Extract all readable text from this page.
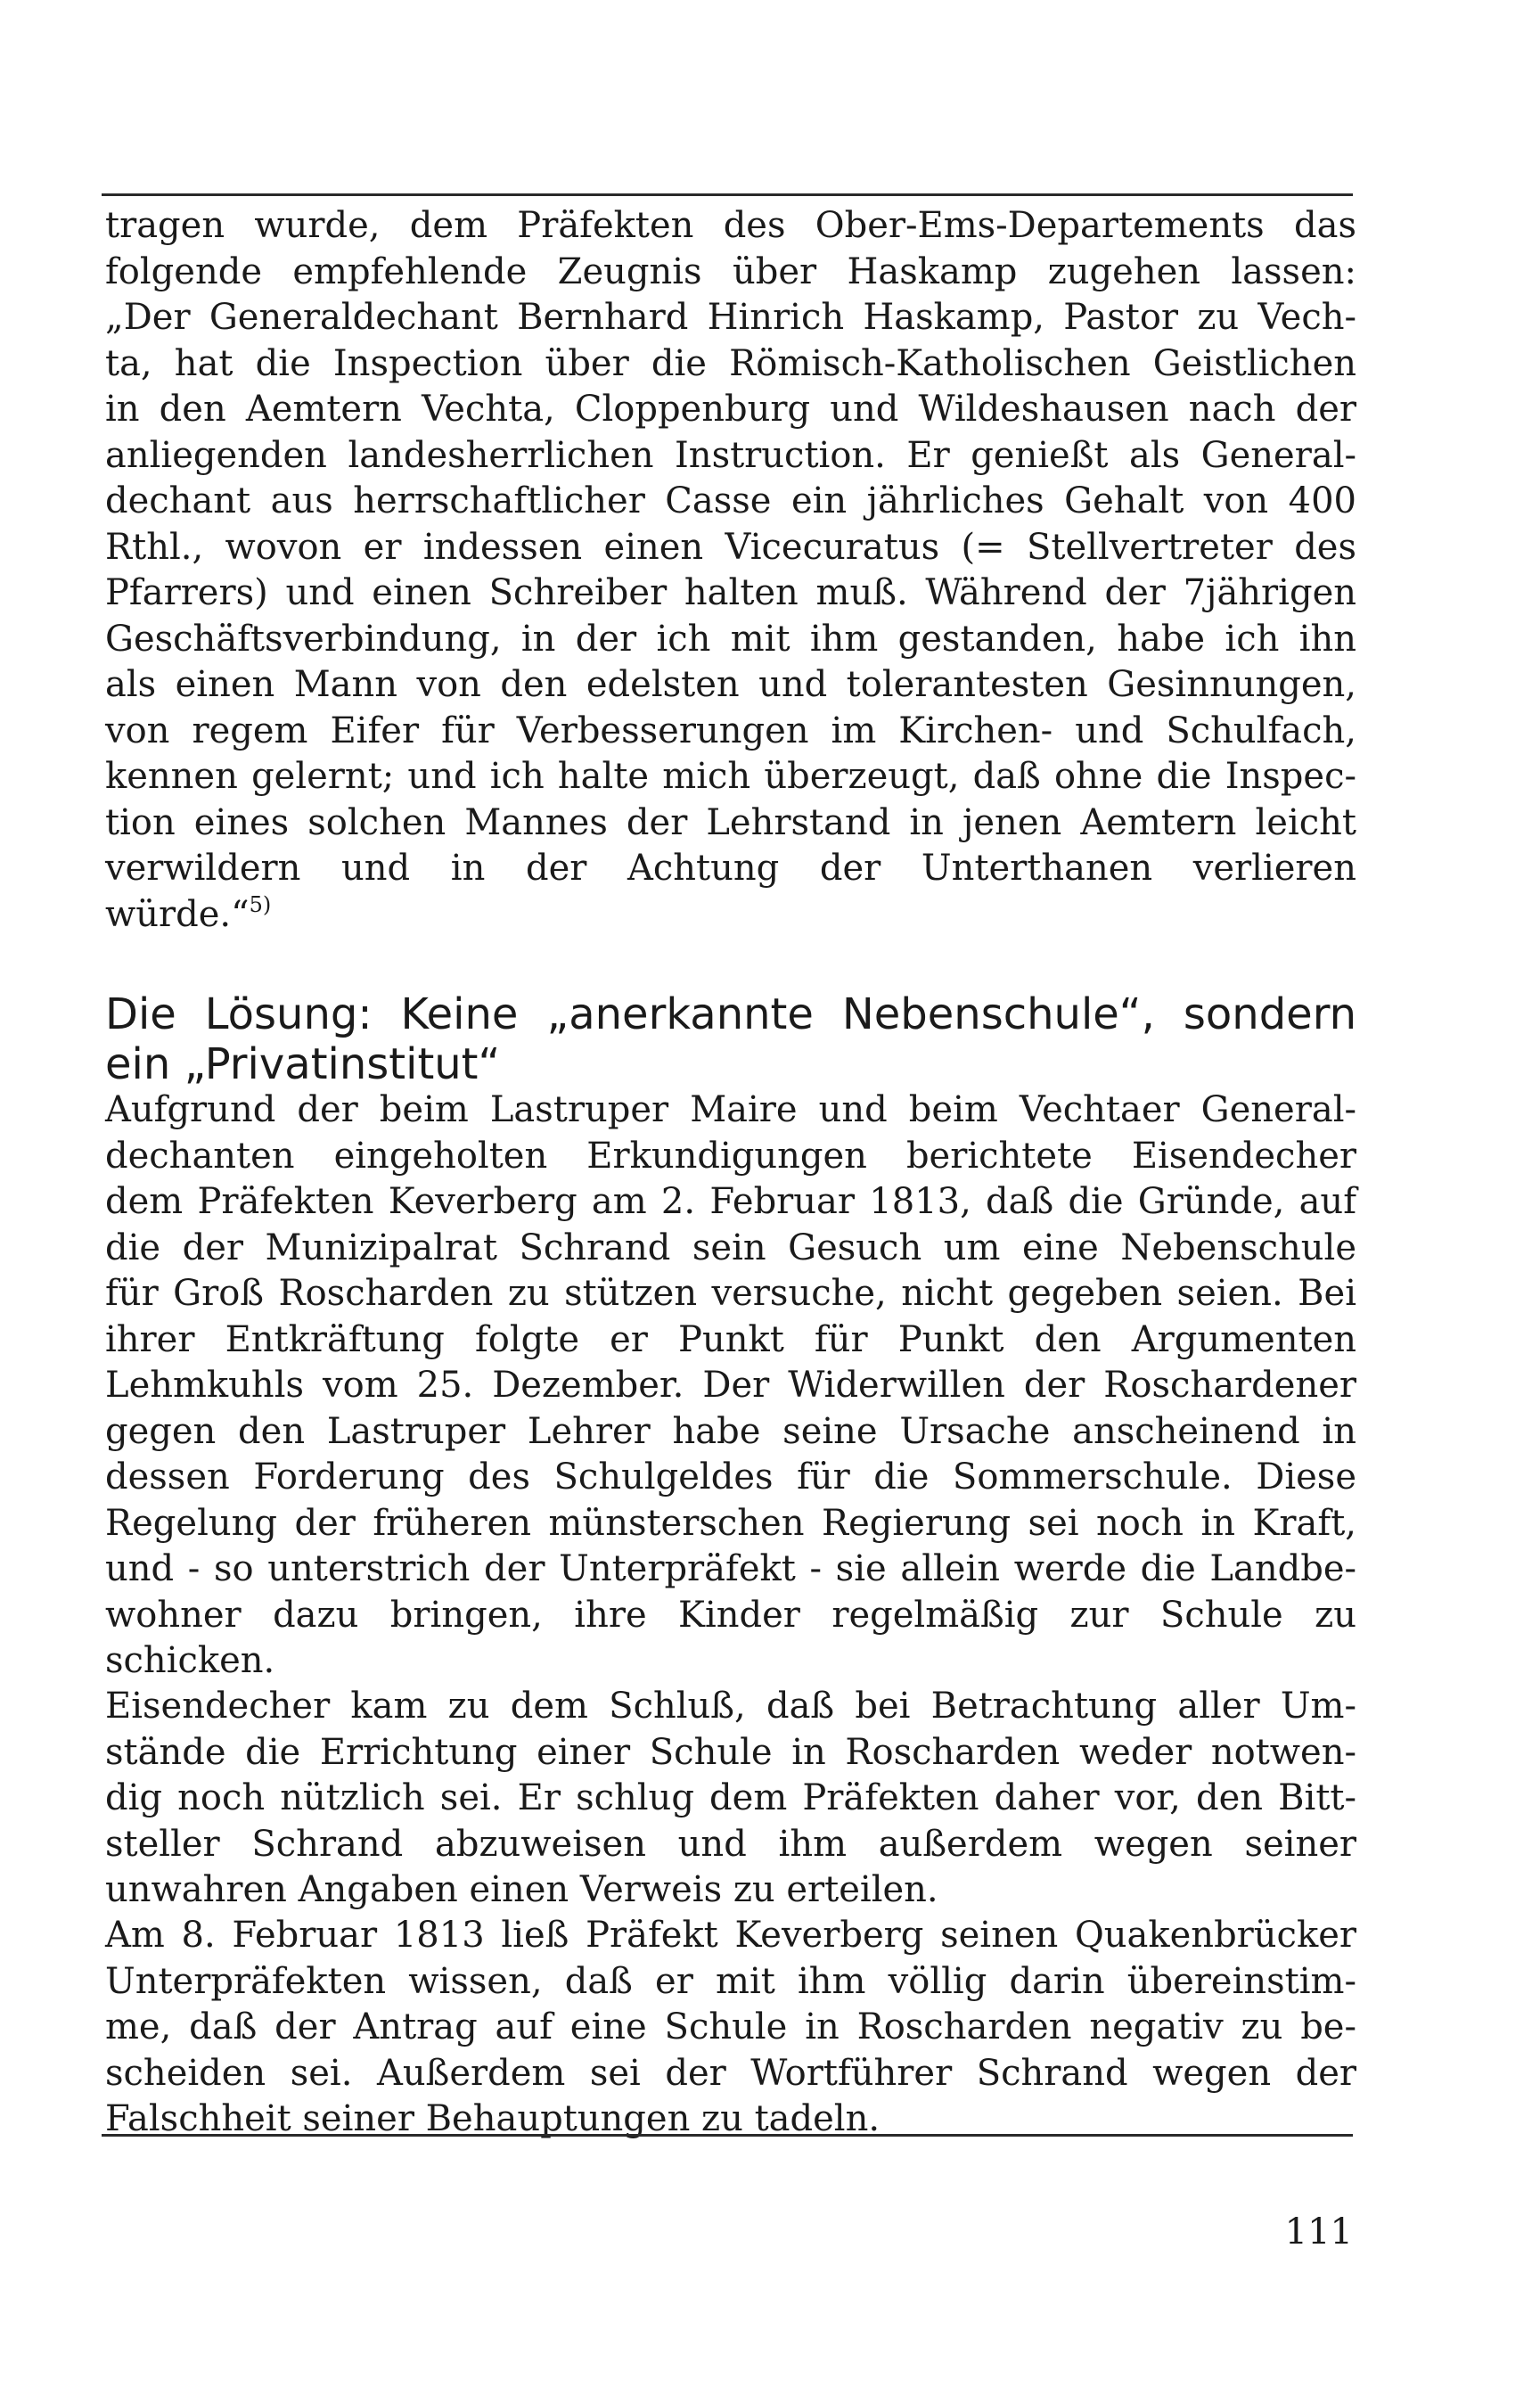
tragen wurde, dem Präfekten des Ober-Ems-Departements das
folgende empfehlende Zeugnis über Haskamp zugehen lassen:
„Der Generaldechant Bernhard Hinrich Haskamp, Pastor zu Vech-
ta, hat die Inspection über die Römisch-Katholischen Geistlichen
in den Aemtern Vechta, Cloppenburg und Wildeshausen nach der
anliegenden landesherrlichen Instruction. Er genießt als General-
dechant aus herrschaftlicher Casse ein jährliches Gehalt von 400
Rthl., wovon er indessen einen Vicecuratus (= Stellvertreter des
Pfarrers) und einen Schreiber halten muß. Während der 7jährigen
Geschäftsverbindung, in der ich mit ihm gestanden, habe ich ihn
als einen Mann von den edelsten und tolerantesten Gesinnungen,
von regem Eifer für Verbesserungen im Kirchen- und Schulfach,
kennen gelernt; und ich halte mich überzeugt, daß ohne die Inspec-
tion eines solchen Mannes der Lehrstand in jenen Aemtern leicht
verwildern und in der Achtung der Unterthanen verlieren
würde.“$^{5)}$
Die Lösung: Keine „anerkannte Nebenschule“, sondern
ein „Privatinstitut“
Aufgrund der beim Lastruper Maire und beim Vechtaer General-
dechanten eingeholten Erkundigungen berichtete Eisendecher
dem Präfekten Keverberg am 2. Februar 1813, daß die Gründe, auf
die der Munizipalrat Schrand sein Gesuch um eine Nebenschule
für Groß Roscharden zu stützen versuche, nicht gegeben seien. Bei
ihrer Entkräftung folgte er Punkt für Punkt den Argumenten
Lehmkuhls vom 25. Dezember. Der Widerwillen der Roschardener
gegen den Lastruper Lehrer habe seine Ursache anscheinend in
dessen Forderung des Schulgeldes für die Sommerschule. Diese
Regelung der früheren münsterschen Regierung sei noch in Kraft,
und - so unterstrich der Unterpräfekt - sie allein werde die Landbe-
wohner dazu bringen, ihre Kinder regelmäßig zur Schule zu
schicken.
Eisendecher kam zu dem Schluß, daß bei Betrachtung aller Um-
stände die Errichtung einer Schule in Roscharden weder notwen-
dig noch nützlich sei. Er schlug dem Präfekten daher vor, den Bitt-
steller Schrand abzuweisen und ihm außerdem wegen seiner
unwahren Angaben einen Verweis zu erteilen.
Am 8. Februar 1813 ließ Präfekt Keverberg seinen Quakenbrücker
Unterpräfekten wissen, daß er mit ihm völlig darin übereinstim-
me, daß der Antrag auf eine Schule in Roscharden negativ zu be-
scheiden sei. Außerdem sei der Wortführer Schrand wegen der
Falschheit seiner Behauptungen zu tadeln.
111
